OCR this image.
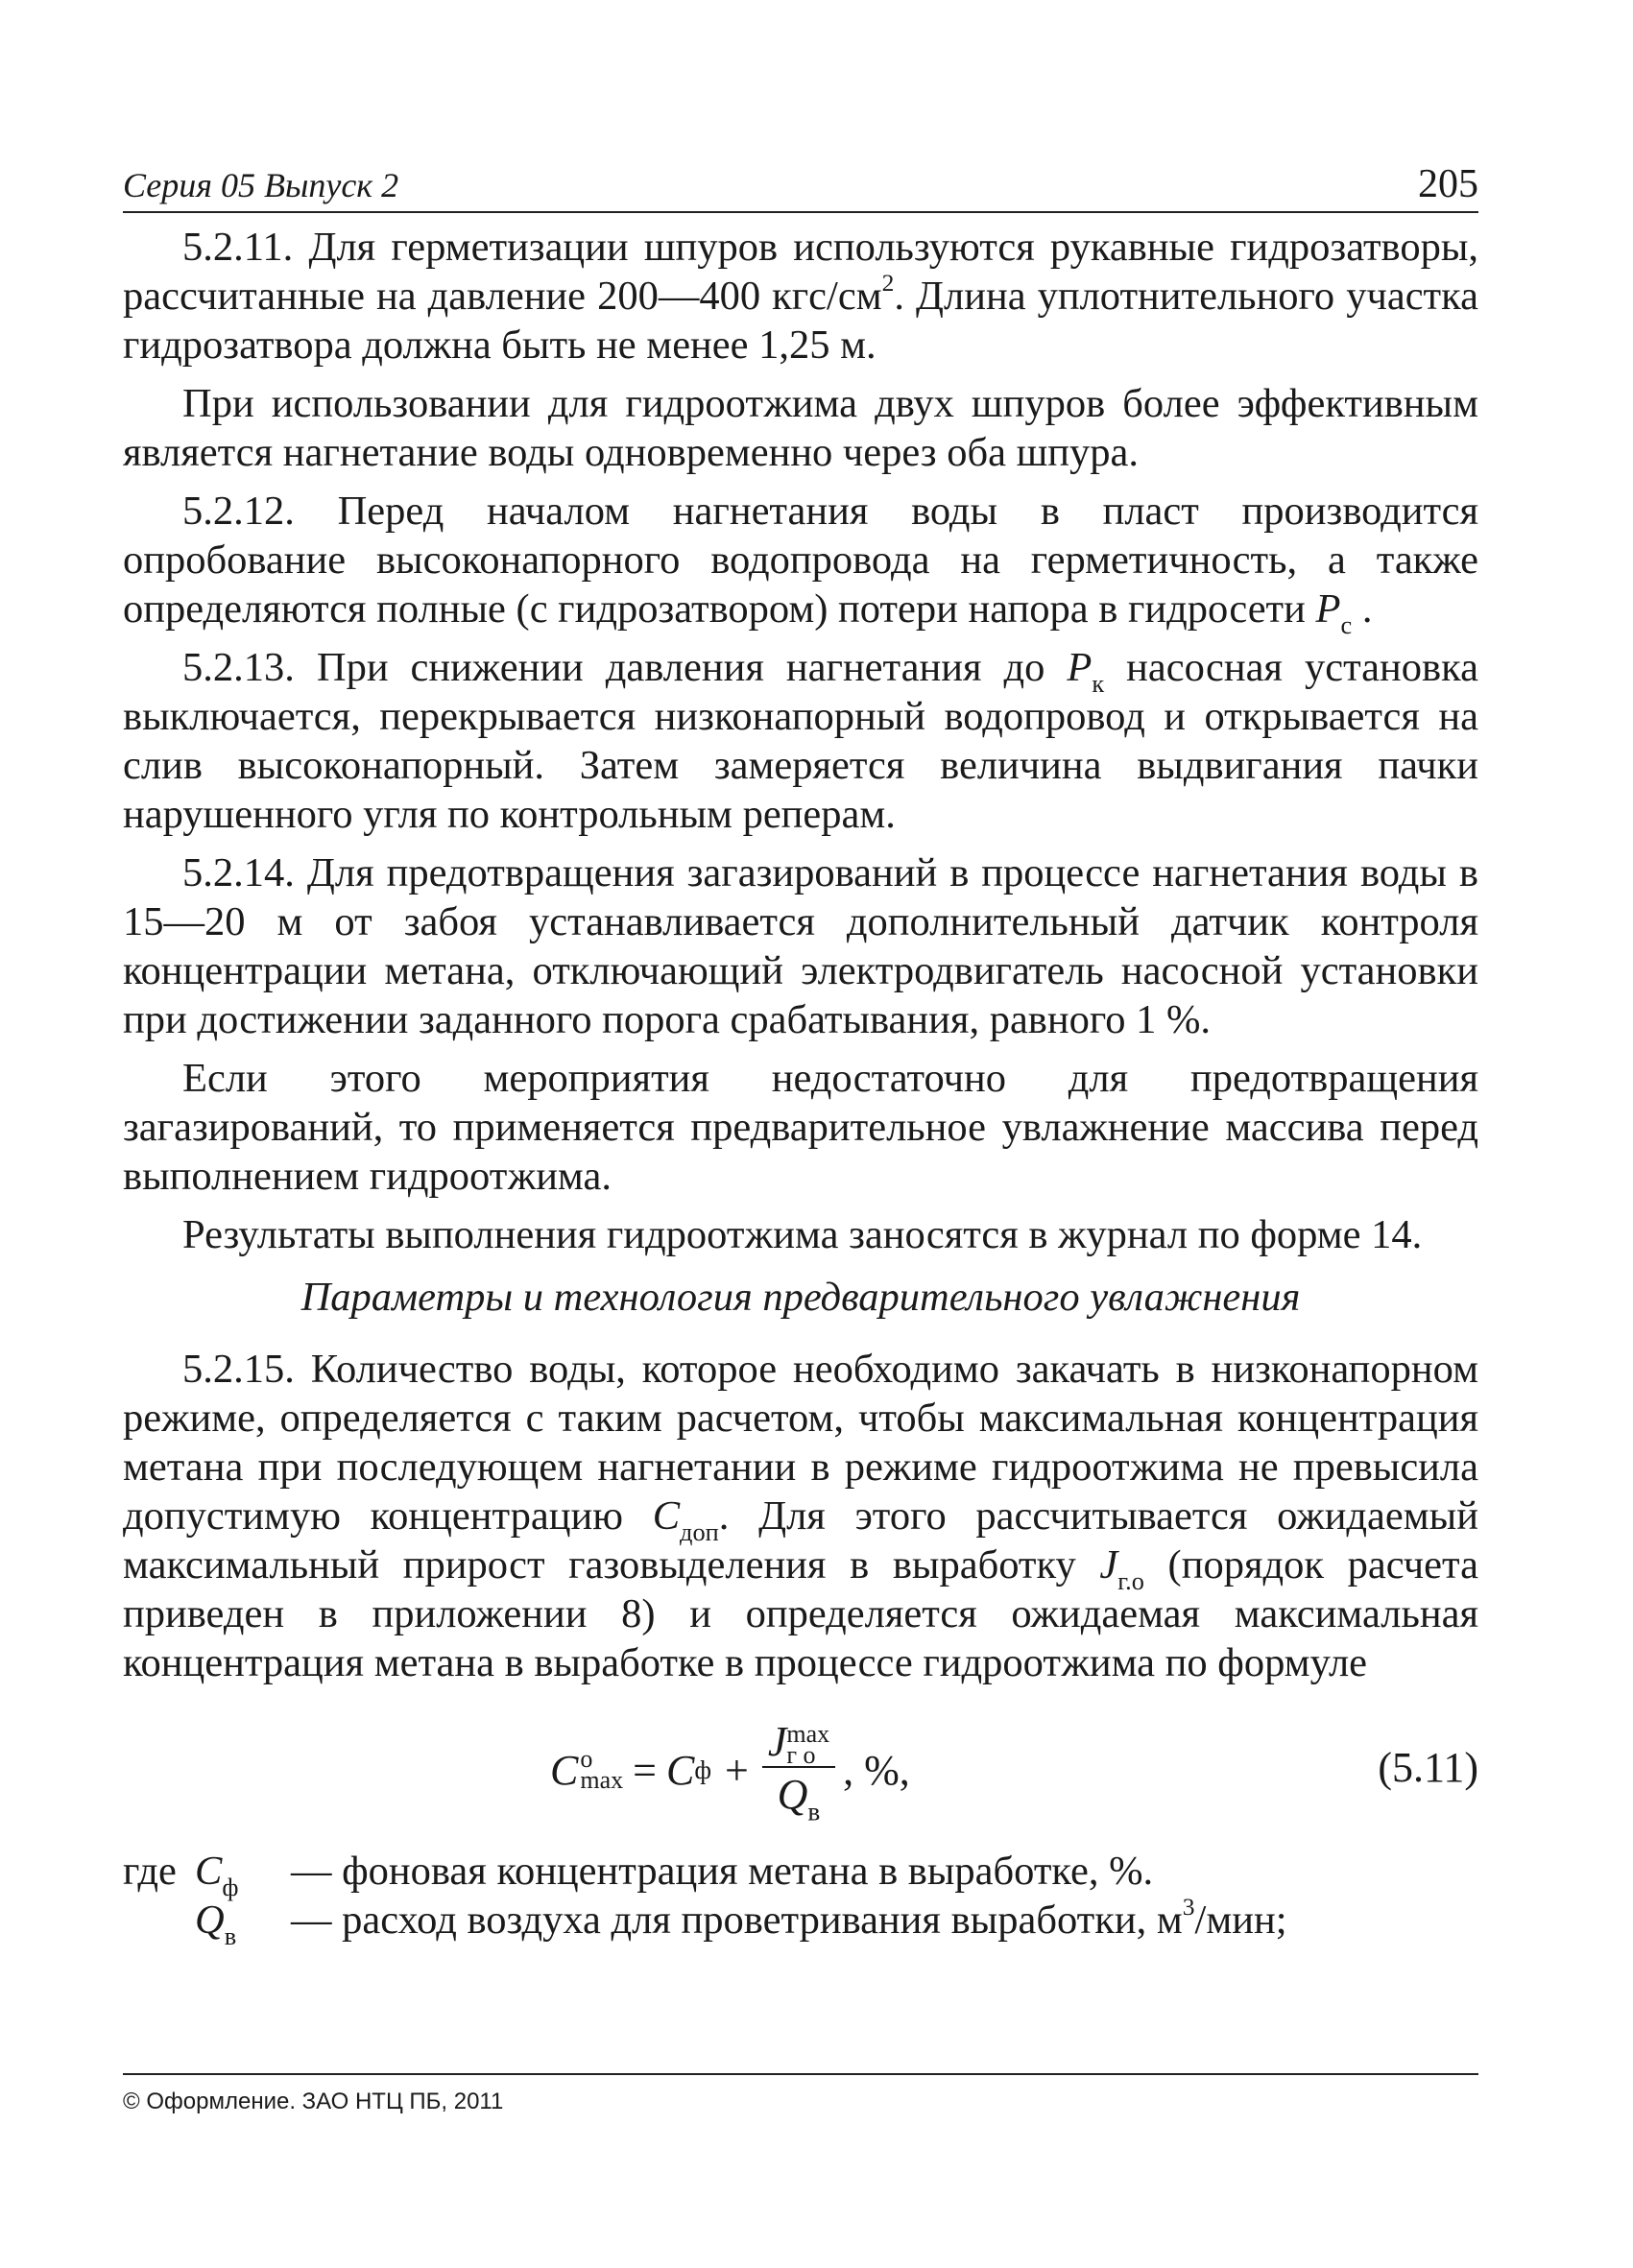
Серия 05 Выпуск 2	205

5.2.11. Для герметизации шпуров используются рукавные гидрозатворы, рассчитанные на давление 200—400 кгс/$см^2$. Длина уплотнительного участка гидрозатвора должна быть не менее 1,25 м.

При использовании для гидроотжима двух шпуров более эффективным является нагнетание воды одновременно через оба шпура.

5.2.12. Перед началом нагнетания воды в пласт производится опробование высоконапорного водопровода на герметичность, а также определяются полные (с гидрозатвором) потери напора в гидросети $P_с$ .

5.2.13. При снижении давления нагнетания до $P_к$ насосная установка выключается, перекрывается низконапорный водопровод и открывается на слив высоконапорный. Затем замеряется величина выдвигания пачки нарушенного угля по контрольным реперам.

5.2.14. Для предотвращения загазирований в процессе нагнетания воды в 15—20 м от забоя устанавливается дополнительный датчик контроля концентрации метана, отключающий электродвигатель насосной установки при достижении заданного порога срабатывания, равного 1 %.

Если этого мероприятия недостаточно для предотвращения загазирований, то применяется предварительное увлажнение массива перед выполнением гидроотжима.

Результаты выполнения гидроотжима заносятся в журнал по форме 14.

Параметры и технология предварительного увлажнения

5.2.15. Количество воды, которое необходимо закачать в низконапорном режиме, определяется с таким расчетом, чтобы максимальная концентрация метана при последующем нагнетании в режиме гидроотжима не превысила допустимую концентрацию $C_{доп}$. Для этого рассчитывается ожидаемый максимальный прирост газовыделения в выработку $J_{г.о}$ (порядок расчета приведен в приложении 8) и определяется ожидаемая максимальная концентрация метана в выработке в процессе гидроотжима по формуле

C o
max = C ф + J max
г о
$Q_в$ , %,	(5.11)
где $C_ф$	— фоновая концентрация метана в выработке, %.
$Q_в$	— расход воздуха для проветривания выработки, $м^3$/мин;
© Оформление. ЗАО НТЦ ПБ, 2011
